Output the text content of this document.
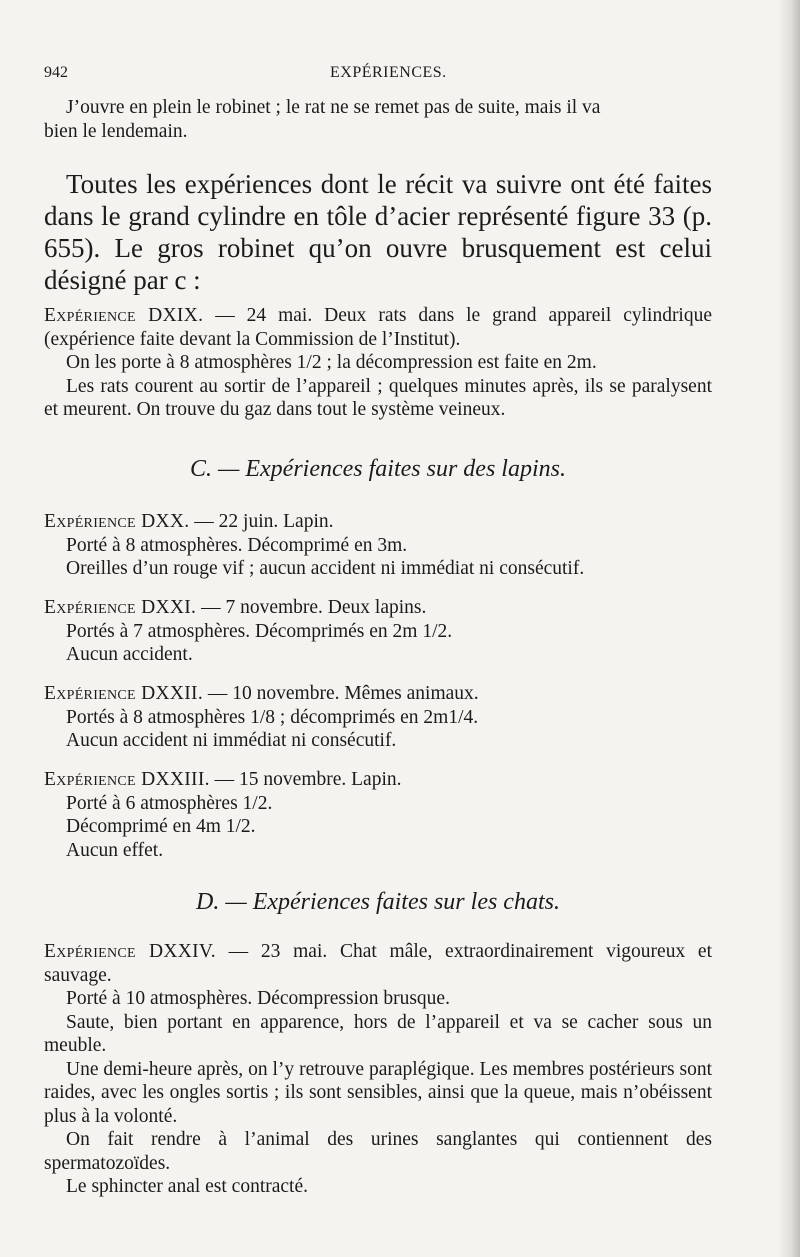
942	EXPÉRIENCES.
J’ouvre en plein le robinet ; le rat ne se remet pas de suite, mais il va
bien le lendemain.

Toutes les expériences dont le récit va suivre ont été faites dans le grand cylindre en tôle d’acier représenté figure 33 (p. 655). Le gros robinet qu’on ouvre brusquement est celui désigné par c :

Expérience DXIX. — 24 mai. Deux rats dans le grand appareil cylindrique (expérience faite devant la Commission de l’Institut).

On les porte à 8 atmosphères 1/2 ; la décompression est faite en 2m.

Les rats courent au sortir de l’appareil ; quelques minutes après, ils se paralysent et meurent. On trouve du gaz dans tout le système veineux.

C. — Expériences faites sur des lapins.

Expérience DXX. — 22 juin. Lapin.

Porté à 8 atmosphères. Décomprimé en 3m.

Oreilles d’un rouge vif ; aucun accident ni immédiat ni consécutif.

Expérience DXXI. — 7 novembre. Deux lapins.

Portés à 7 atmosphères. Décomprimés en 2m 1/2.

Aucun accident.

Expérience DXXII. — 10 novembre. Mêmes animaux.

Portés à 8 atmosphères 1/8 ; décomprimés en 2m1/4.

Aucun accident ni immédiat ni consécutif.

Expérience DXXIII. — 15 novembre. Lapin.

Porté à 6 atmosphères 1/2.

Décomprimé en 4m 1/2.

Aucun effet.

D. — Expériences faites sur les chats.

Expérience DXXIV. — 23 mai. Chat mâle, extraordinairement vigoureux et sauvage.

Porté à 10 atmosphères. Décompression brusque.

Saute, bien portant en apparence, hors de l’appareil et va se cacher sous un meuble.

Une demi-heure après, on l’y retrouve paraplégique. Les membres postérieurs sont raides, avec les ongles sortis ; ils sont sensibles, ainsi que la queue, mais n’obéissent plus à la volonté.

On fait rendre à l’animal des urines sanglantes qui contiennent des spermatozoïdes.

Le sphincter anal est contracté.
